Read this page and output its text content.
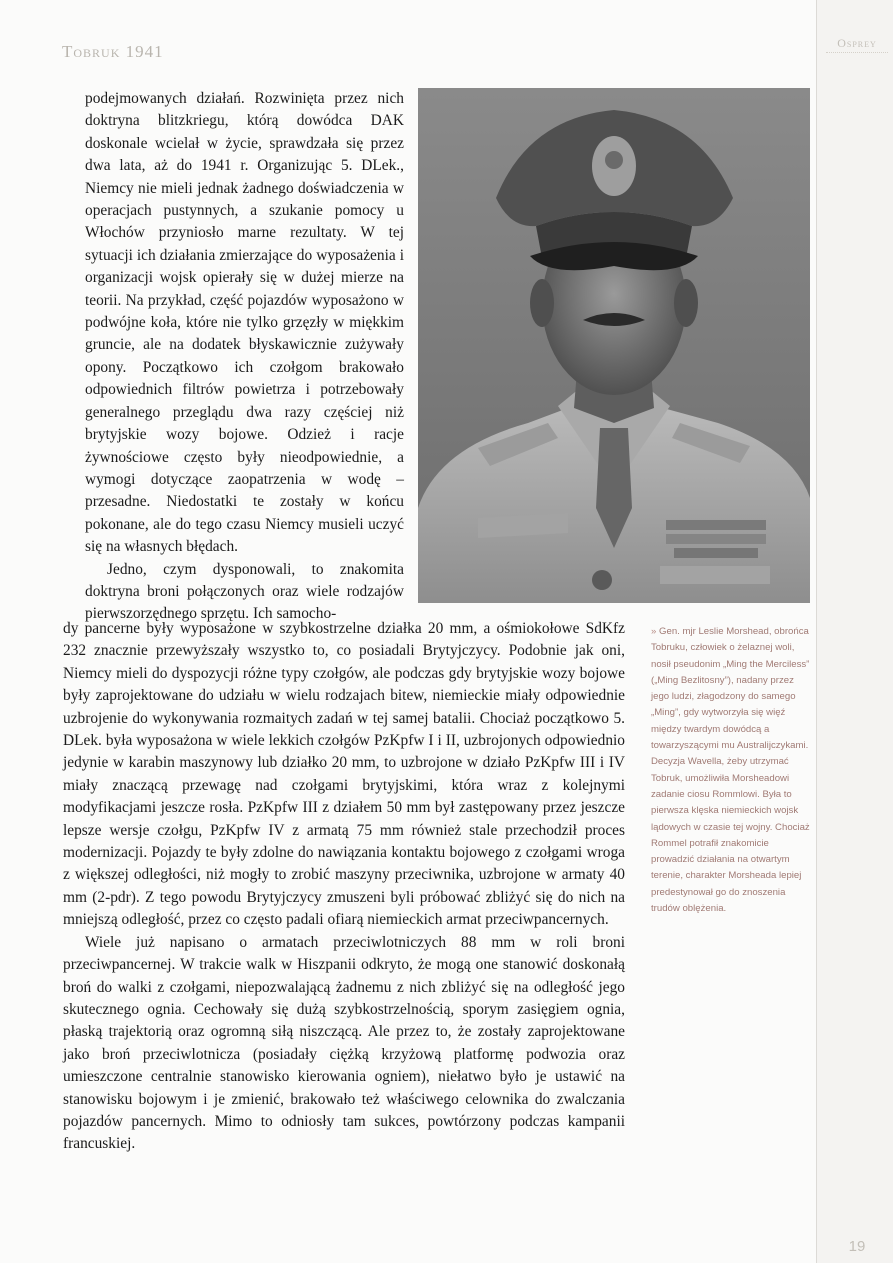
Tobruk 1941	Osprey

podejmowanych działań. Rozwinięta przez nich doktryna blitzkriegu, którą dowódca DAK doskonale wcielał w życie, sprawdzała się przez dwa lata, aż do 1941 r. Organizując 5. DLek., Niemcy nie mieli jednak żadnego doświadczenia w operacjach pustynnych, a szukanie pomocy u Włochów przyniosło marne rezultaty. W tej sytuacji ich działania zmierzające do wyposażenia i organizacji wojsk opierały się w dużej mierze na teorii. Na przykład, część pojazdów wyposażono w podwójne koła, które nie tylko grzęzły w miękkim gruncie, ale na dodatek błyskawicznie zużywały opony. Początkowo ich czołgom brakowało odpowiednich filtrów powietrza i potrzebowały generalnego przeglądu dwa razy częściej niż brytyjskie wozy bojowe. Odzież i racje żywnościowe często były nieodpowiednie, a wymogi dotyczące zaopatrzenia w wodę – przesadne. Niedostatki te zostały w końcu pokonane, ale do tego czasu Niemcy musieli uczyć się na własnych błędach.

Jedno, czym dysponowali, to znakomita doktryna broni połączonych oraz wiele rodzajów pierwszorzędnego sprzętu. Ich samocho-

dy pancerne były wyposażone w szybkostrzelne działka 20 mm, a ośmiokołowe SdKfz 232 znacznie przewyższały wszystko to, co posiadali Brytyjczycy. Podobnie jak oni, Niemcy mieli do dyspozycji różne typy czołgów, ale podczas gdy brytyjskie wozy bojowe były zaprojektowane do udziału w wielu rodzajach bitew, niemieckie miały odpowiednie uzbrojenie do wykonywania rozmaitych zadań w tej samej batalii. Chociaż początkowo 5. DLek. była wyposażona w wiele lekkich czołgów PzKpfw I i II, uzbrojonych odpowiednio jedynie w karabin maszynowy lub działko 20 mm, to uzbrojone w działo PzKpfw III i IV miały znaczącą przewagę nad czołgami brytyjskimi, która wraz z kolejnymi modyfikacjami jeszcze rosła. PzKpfw III z działem 50 mm był zastępowany przez jeszcze lepsze wersje czołgu, PzKpfw IV z armatą 75 mm również stale przechodził proces modernizacji. Pojazdy te były zdolne do nawiązania kontaktu bojowego z czołgami wroga z większej odległości, niż mogły to zrobić maszyny przeciwnika, uzbrojone w armaty 40 mm (2-pdr). Z tego powodu Brytyjczycy zmuszeni byli próbować zbliżyć się do nich na mniejszą odległość, przez co często padali ofiarą niemieckich armat przeciwpancernych.

Wiele już napisano o armatach przeciwlotniczych 88 mm w roli broni przeciwpancernej. W trakcie walk w Hiszpanii odkryto, że mogą one stanowić doskonałą broń do walki z czołgami, niepozwalającą żadnemu z nich zbliżyć się na odległość jego skutecznego ognia. Cechowały się dużą szybkostrzelnością, sporym zasięgiem ognia, płaską trajektorią oraz ogromną siłą niszczącą. Ale przez to, że zostały zaprojektowane jako broń przeciwlotnicza (posiadały ciężką krzyżową platformę podwozia oraz umieszczone centralnie stanowisko kierowania ogniem), niełatwo było je ustawić na stanowisku bojowym i je zmienić, brakowało też właściwego celownika do zwalczania pojazdów pancernych. Mimo to odniosły tam sukces, powtórzony podczas kampanii francuskiej.

» Gen. mjr Leslie Morshead, obrońca Tobruku, człowiek o żelaznej woli, nosił pseudonim „Ming the Merciless” („Ming Bezlitosny”), nadany przez jego ludzi, złagodzony do samego „Ming”, gdy wytworzyła się więź między twardym dowódcą a towarzyszącymi mu Australijczykami. Decyzja Wavella, żeby utrzymać Tobruk, umożliwiła Morsheadowi zadanie ciosu Rommlowi. Była to pierwsza klęska niemieckich wojsk lądowych w czasie tej wojny. Chociaż Rommel potrafił znakomicie prowadzić działania na otwartym terenie, charakter Morsheada lepiej predestynował go do znoszenia trudów oblężenia.
19
